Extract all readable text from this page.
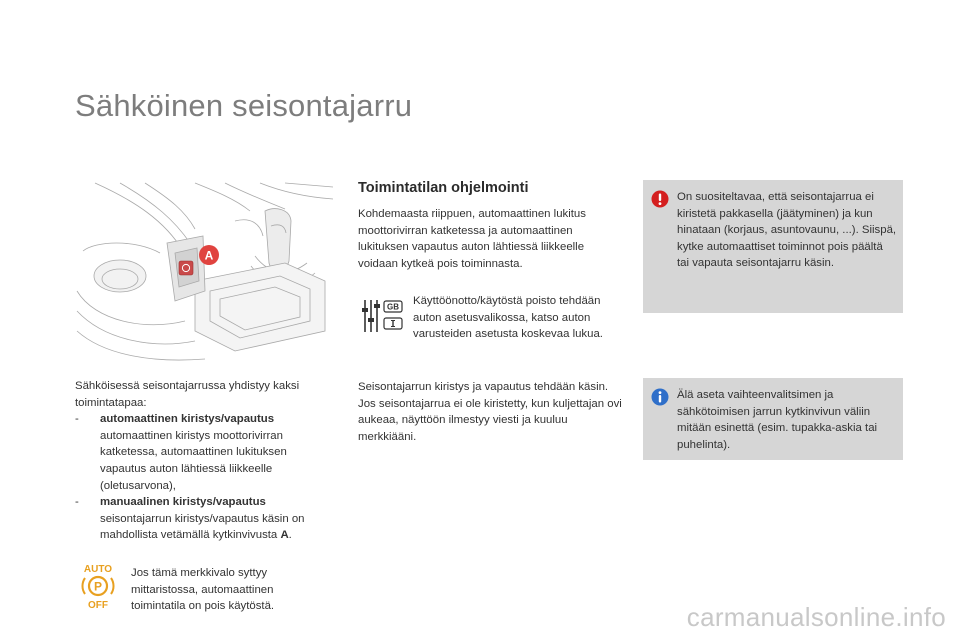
Sähköinen seisontajarru
A
Sähköisessä seisontajarrussa yhdistyy kaksi toimintatapaa:
- automaattinen kiristys/vapautus
automaattinen kiristys moottorivirran katketessa, automaattinen lukituksen vapautus auton lähtiessä liikkeelle (oletusarvona),
- manuaalinen kiristys/vapautus
seisontajarrun kiristys/vapautus käsin on mahdollista vetämällä kytkinvivusta A.
AUTO
P
OFF
Jos tämä merkkivalo syttyy mittaristossa, automaattinen toimintatila on pois käytöstä.
Toimintatilan ohjelmointi
Kohdemaasta riippuen, automaattinen lukitus moottorivirran katketessa ja automaattinen lukituksen vapautus auton lähtiessä liikkeelle voidaan kytkeä pois toiminnasta.
GB Käyttöönotto/käytöstä poisto tehdään auton asetusvalikossa, katso auton varusteiden asetusta koskevaa lukua.
Seisontajarrun kiristys ja vapautus tehdään käsin. Jos seisontajarrua ei ole kiristetty, kun kuljettajan ovi aukeaa, näyttöön ilmestyy viesti ja kuuluu merkkiääni.
On suositeltavaa, että seisontajarrua ei kiristetä pakkasella (jäätyminen) ja kun hinataan (korjaus, asuntovaunu, ...). Siispä, kytke automaattiset toiminnot pois päältä tai vapauta seisontajarru käsin.
Älä aseta vaihteenvalitsimen ja sähkötoimisen jarrun kytkinvivun väliin mitään esinettä (esim. tupakka-askia tai puhelinta).
carmanualsonline.info
